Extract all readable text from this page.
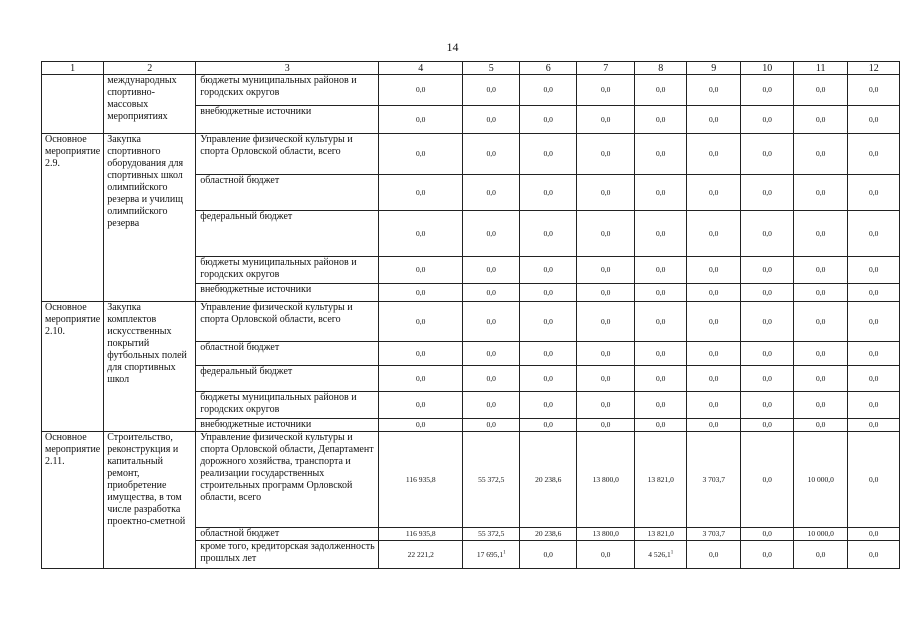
14
1	2	3	4	5	6	7	8	9	10	11	12
	международных спортивно-массовых мероприятиях	бюджеты муниципальных районов и городских округов	0,0	0,0	0,0	0,0	0,0	0,0	0,0	0,0	0,0
		внебюджетные источники	0,0	0,0	0,0	0,0	0,0	0,0	0,0	0,0	0,0
Основное мероприятие 2.9.	Закупка спортивного оборудования для спортивных школ олимпийского резерва и училищ олимпийского резерва	Управление физической культуры и спорта Орловской области, всего	0,0	0,0	0,0	0,0	0,0	0,0	0,0	0,0	0,0
		областной бюджет	0,0	0,0	0,0	0,0	0,0	0,0	0,0	0,0	0,0
		федеральный бюджет	0,0	0,0	0,0	0,0	0,0	0,0	0,0	0,0	0,0
		бюджеты муниципальных районов и городских округов	0,0	0,0	0,0	0,0	0,0	0,0	0,0	0,0	0,0
		внебюджетные источники	0,0	0,0	0,0	0,0	0,0	0,0	0,0	0,0	0,0
Основное мероприятие 2.10.	Закупка комплектов искусственных покрытий футбольных полей для спортивных школ	Управление физической культуры и спорта Орловской области, всего	0,0	0,0	0,0	0,0	0,0	0,0	0,0	0,0	0,0
		областной бюджет	0,0	0,0	0,0	0,0	0,0	0,0	0,0	0,0	0,0
		федеральный бюджет	0,0	0,0	0,0	0,0	0,0	0,0	0,0	0,0	0,0
		бюджеты муниципальных районов и городских округов	0,0	0,0	0,0	0,0	0,0	0,0	0,0	0,0	0,0
		внебюджетные источники	0,0	0,0	0,0	0,0	0,0	0,0	0,0	0,0	0,0
Основное мероприятие 2.11.	Строительство, реконструкция и капитальный ремонт, приобретение имущества, в том числе разработка проектно-сметной	Управление физической культуры и спорта Орловской области, Департамент дорожного хозяйства, транспорта и реализации государственных строительных программ Орловской области, всего	116 935,8	55 372,5	20 238,6	13 800,0	13 821,0	3 703,7	0,0	10 000,0	0,0
		областной бюджет	116 935,8	55 372,5	20 238,6	13 800,0	13 821,0	3 703,7	0,0	10 000,0	0,0
		кроме того, кредиторская задолженность прошлых лет	22 221,2	17 695,1$^1$	0,0	0,0	4 526,1$^1$	0,0	0,0	0,0	0,0
